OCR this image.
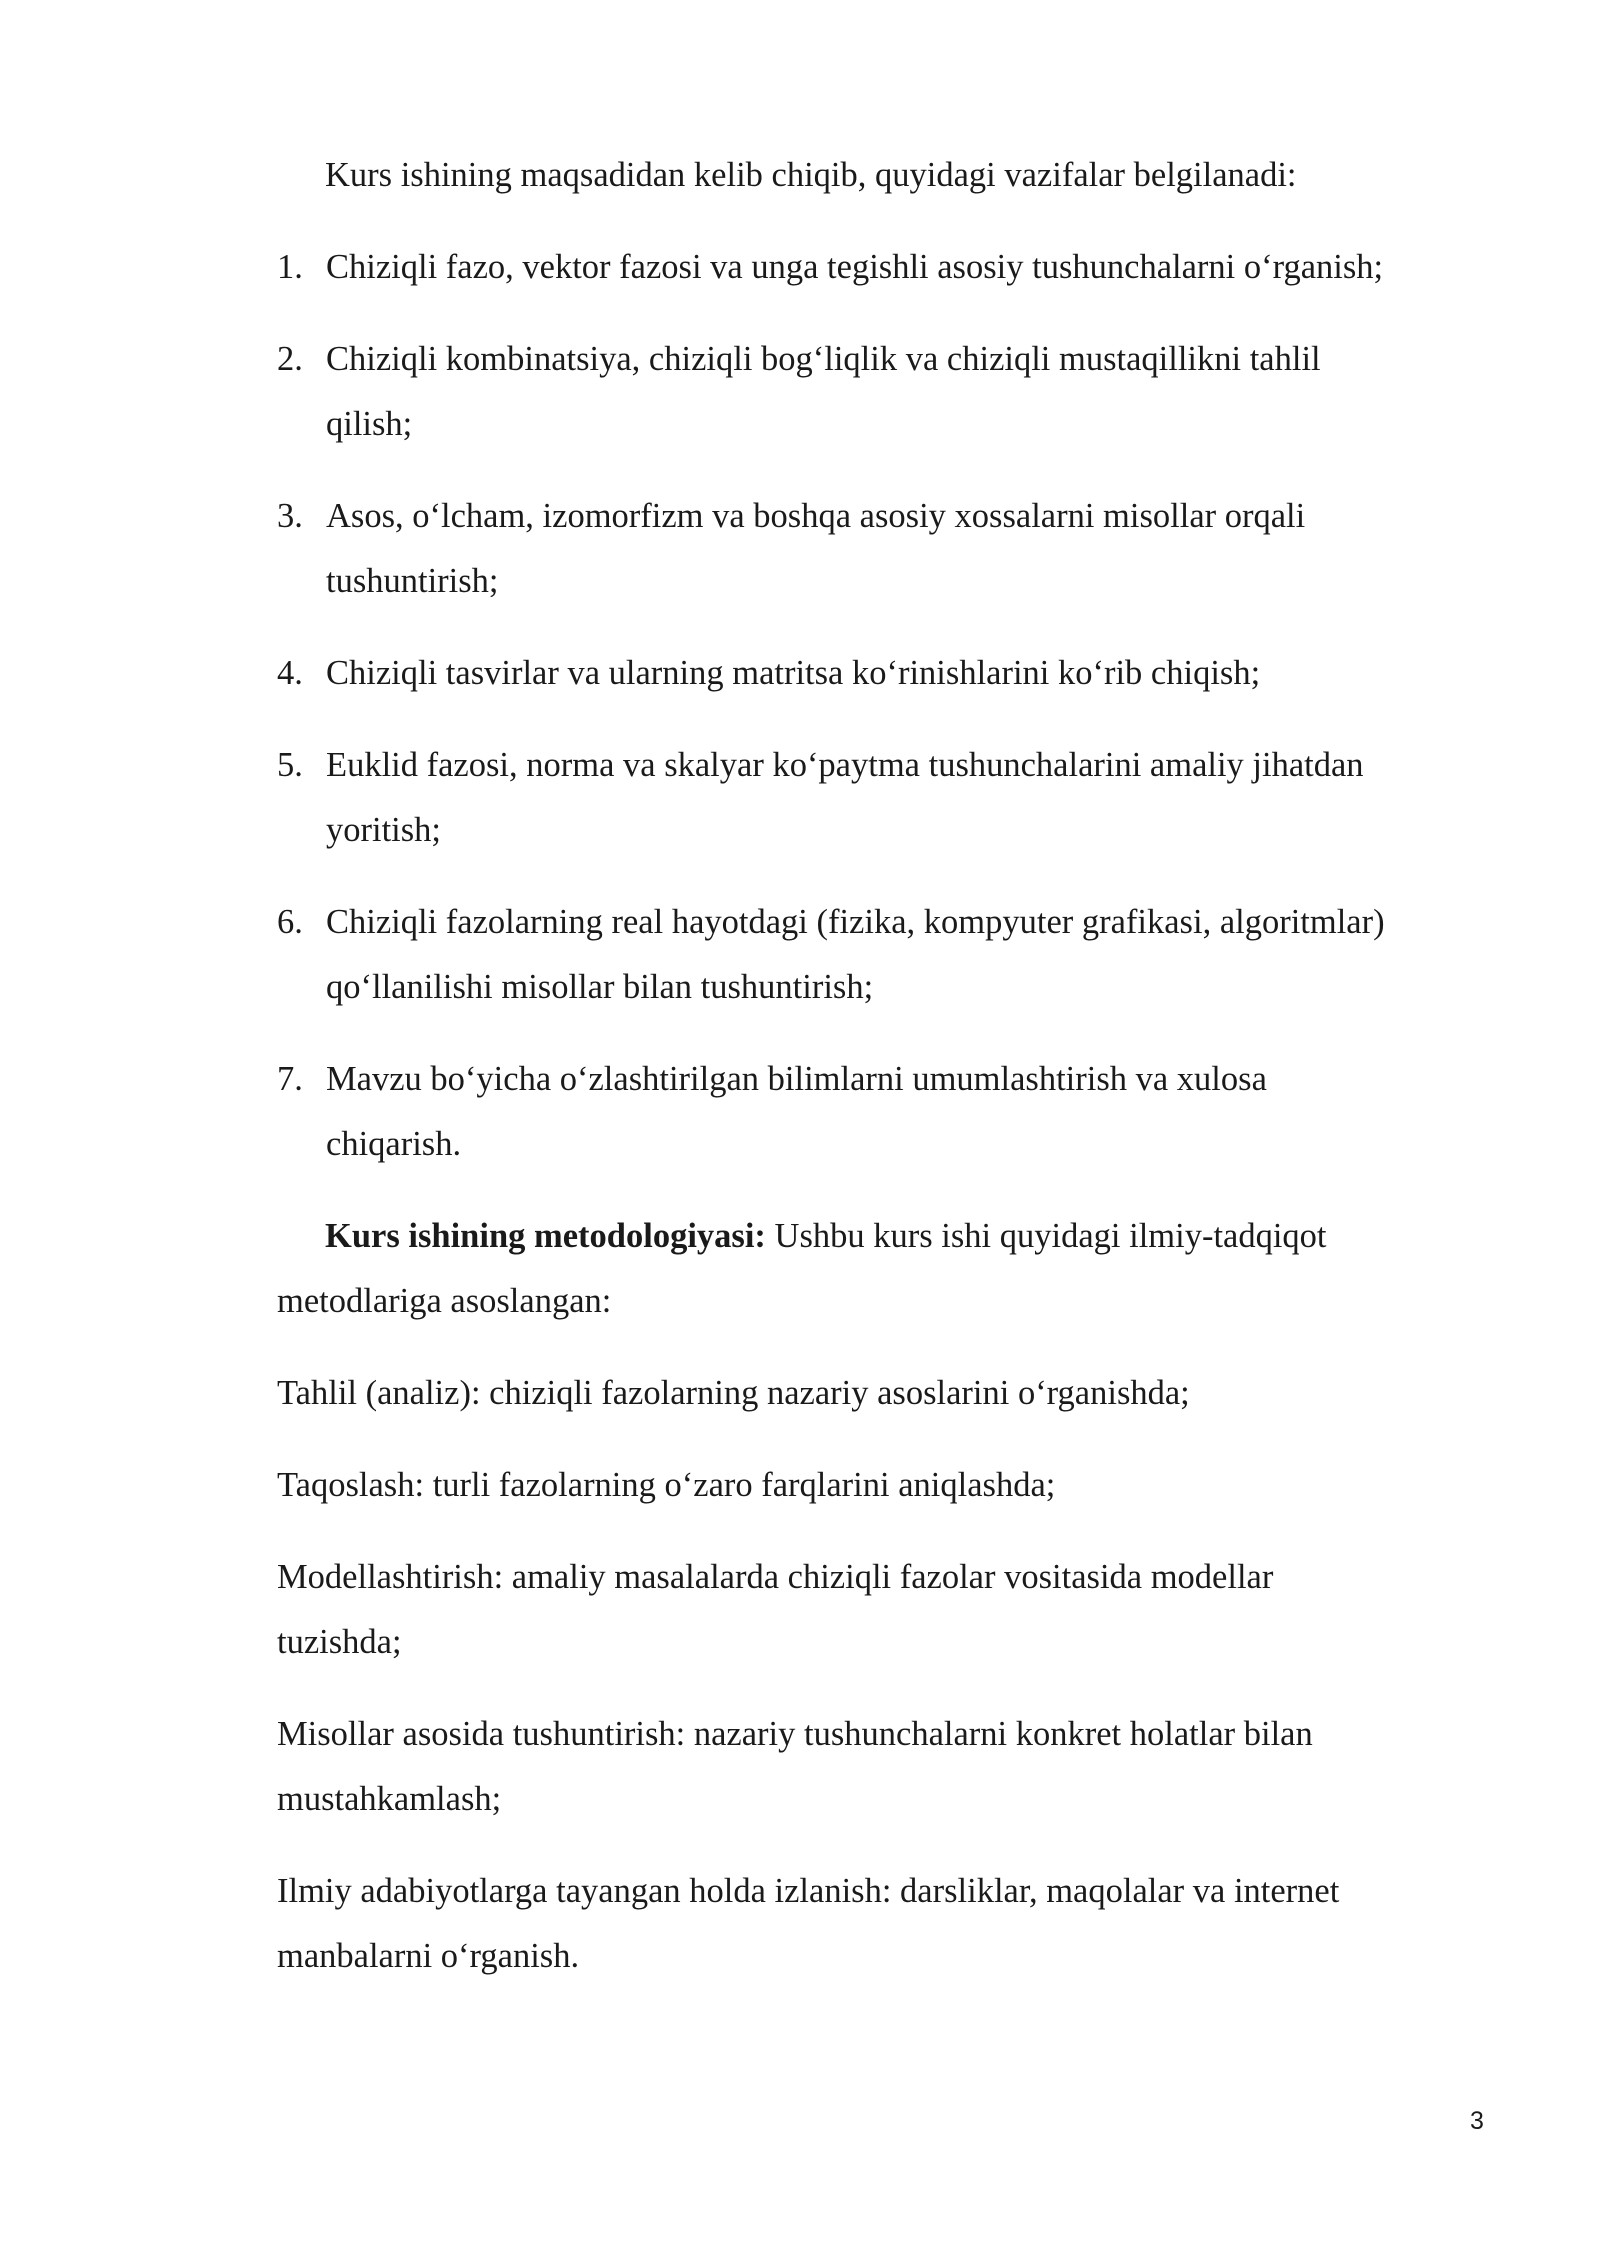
Kurs ishining maqsadidan kelib chiqib, quyidagi vazifalar belgilanadi:
1. Chiziqli fazo, vektor fazosi va unga tegishli asosiy tushunchalarni o‘rganish;
2. Chiziqli kombinatsiya, chiziqli bog‘liqlik va chiziqli mustaqillikni tahlil
qilish;
3. Asos, o‘lcham, izomorfizm va boshqa asosiy xossalarni misollar orqali
tushuntirish;
4. Chiziqli tasvirlar va ularning matritsa ko‘rinishlarini ko‘rib chiqish;
5. Euklid fazosi, norma va skalyar ko‘paytma tushunchalarini amaliy jihatdan
yoritish;
6. Chiziqli fazolarning real hayotdagi (fizika, kompyuter grafikasi, algoritmlar)
qo‘llanilishi misollar bilan tushuntirish;
7. Mavzu bo‘yicha o‘zlashtirilgan bilimlarni umumlashtirish va xulosa
chiqarish.
Kurs ishining metodologiyasi: Ushbu kurs ishi quyidagi ilmiy-tadqiqot
metodlariga asoslangan:
Tahlil (analiz): chiziqli fazolarning nazariy asoslarini o‘rganishda;
Taqoslash: turli fazolarning o‘zaro farqlarini aniqlashda;
Modellashtirish: amaliy masalalarda chiziqli fazolar vositasida modellar
tuzishda;
Misollar asosida tushuntirish: nazariy tushunchalarni konkret holatlar bilan
mustahkamlash;
Ilmiy adabiyotlarga tayangan holda izlanish: darsliklar, maqolalar va internet
manbalarni o‘rganish.
3
